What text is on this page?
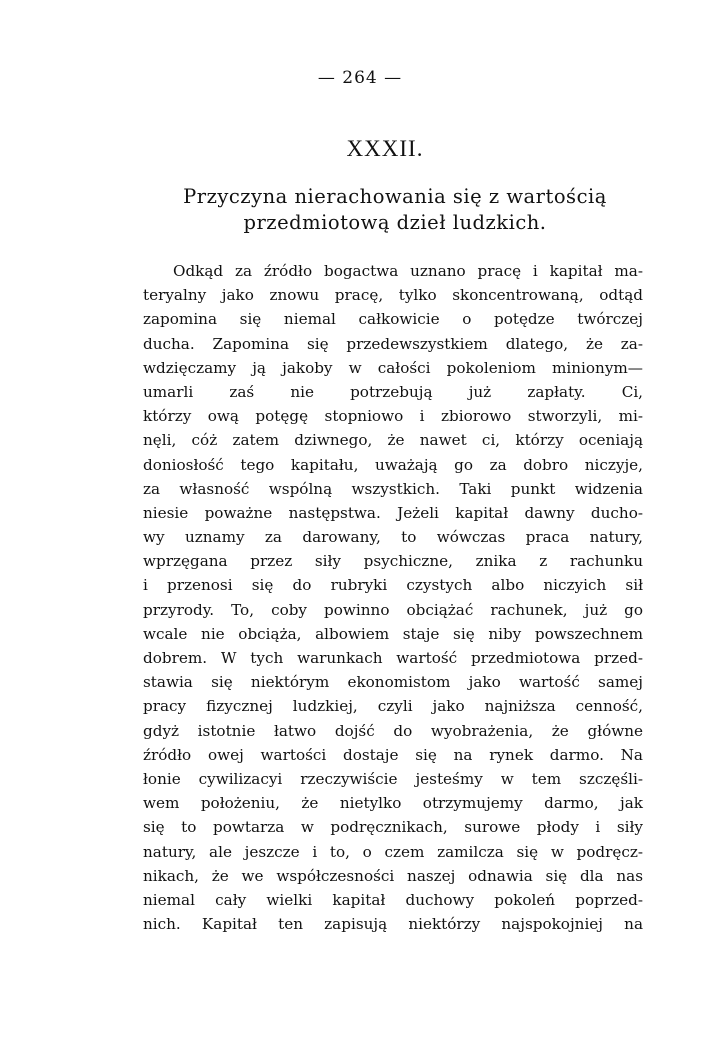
— 264 —
XXXII.
Przyczyna nierachowania się z wartością
przedmiotową dzieł ludzkich.
Odkąd za źródło bogactwa uznano pracę i kapitał ma-
teryalny jako znowu pracę, tylko skoncentrowaną, odtąd
zapomina się niemal całkowicie o potędze twórczej
ducha. Zapomina się przedewszystkiem dlatego, że za-
wdzięczamy ją jakoby w całości pokoleniom minionym—
umarli zaś nie potrzebują już zapłaty. Ci,
którzy ową potęgę stopniowo i zbiorowo stworzyli, mi-
nęli, cóż zatem dziwnego, że nawet ci, którzy oceniają
doniosłość tego kapitału, uważają go za dobro niczyje,
za własność wspólną wszystkich. Taki punkt widzenia
niesie poważne następstwa. Jeżeli kapitał dawny ducho-
wy uznamy za darowany, to wówczas praca natury,
wprzęgana przez siły psychiczne, znika z rachunku
i przenosi się do rubryki czystych albo niczyich sił
przyrody. To, coby powinno obciążać rachunek, już go
wcale nie obciąża, albowiem staje się niby powszechnem
dobrem. W tych warunkach wartość przedmiotowa przed-
stawia się niektórym ekonomistom jako wartość samej
pracy fizycznej ludzkiej, czyli jako najniższa cenność,
gdyż istotnie łatwo dojść do wyobrażenia, że główne
źródło owej wartości dostaje się na rynek darmo. Na
łonie cywilizacyi rzeczywiście jesteśmy w tem szczęśli-
wem położeniu, że nietylko otrzymujemy darmo, jak
się to powtarza w podręcznikach, surowe płody i siły
natury, ale jeszcze i to, o czem zamilcza się w podręcz-
nikach, że we współczesności naszej odnawia się dla nas
niemal cały wielki kapitał duchowy pokoleń poprzed-
nich. Kapitał ten zapisują niektórzy najspokojniej na
